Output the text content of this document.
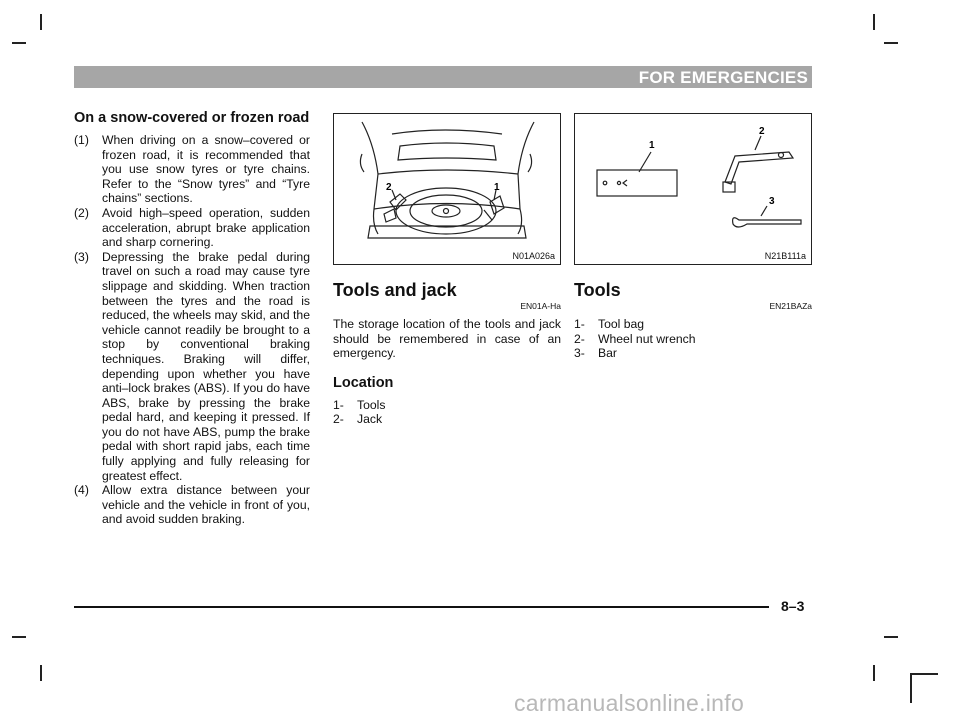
FOR EMERGENCIES
On a snow-covered or frozen road
(1) When driving on a snow–covered or frozen road, it is recommended that you use snow tyres or tyre chains. Refer to the “Snow tyres” and “Tyre chains” sections.
(2) Avoid high–speed operation, sudden acceleration, abrupt brake application and sharp cornering.
(3) Depressing the brake pedal during travel on such a road may cause tyre slippage and skidding. When traction between the tyres and the road is reduced, the wheels may skid, and the vehicle cannot readily be brought to a stop by conventional braking techniques. Braking will differ, depending upon whether you have anti–lock brakes (ABS). If you do have ABS, brake by pressing the brake pedal hard, and keeping it pressed. If you do not have ABS, pump the brake pedal with short rapid jabs, each time fully applying and fully releasing for greatest effect.
(4) Allow extra distance between your vehicle and the vehicle in front of you, and avoid sudden braking.
2	1
N01A026a
Tools and jack
EN01A-Ha

The storage location of the tools and jack should be remembered in case of an emergency.

Location
1- Tools
2- Jack
1
2
3
N21B111a
Tools
EN21BAZa
1- Tool bag
2- Wheel nut wrench
3- Bar
8–3
carmanualsonline.info
